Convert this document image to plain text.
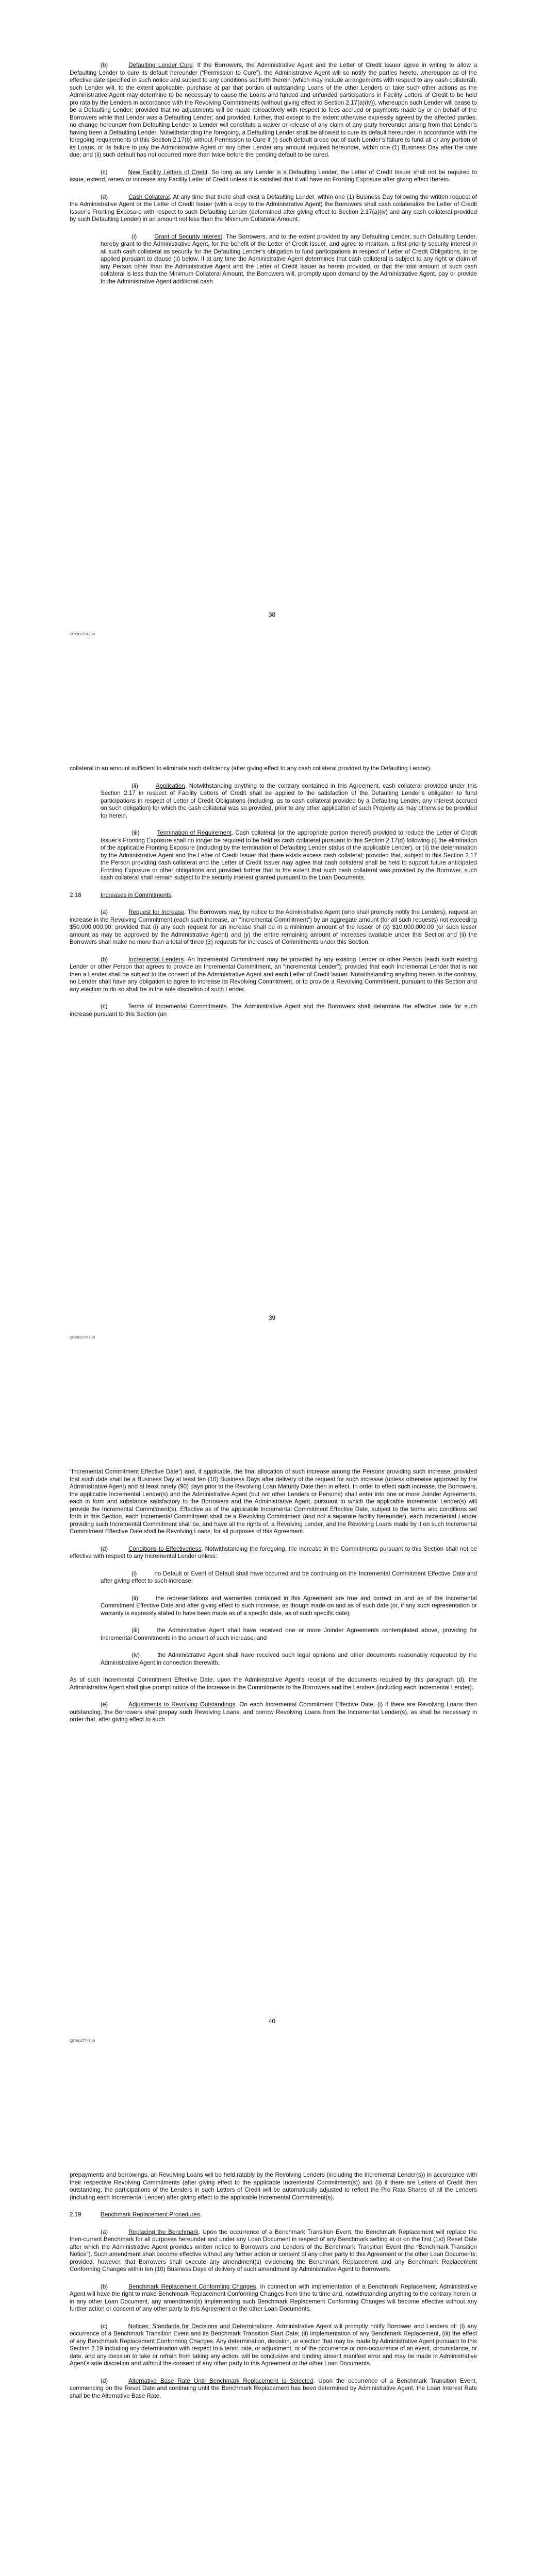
(b)	Defaulting Lender Cure. If the Borrowers, the Administrative Agent and the Letter of Credit Issuer agree in writing to allow a Defaulting Lender to cure its default hereunder (“Permission to Cure”), the Administrative Agent will so notify the parties hereto, whereupon as of the effective date specified in such notice and subject to any conditions set forth therein (which may include arrangements with respect to any cash collateral), such Lender will, to the extent applicable, purchase at par that portion of outstanding Loans of the other Lenders or take such other actions as the Administrative Agent may determine to be necessary to cause the Loans and funded and unfunded participations in Facility Letters of Credit to be held pro rata by the Lenders in accordance with the Revolving Commitments (without giving effect to Section 2.17(a)(iv)), whereupon such Lender will cease to be a Defaulting Lender; provided that no adjustments will be made retroactively with respect to fees accrued or payments made by or on behalf of the Borrowers while that Lender was a Defaulting Lender; and provided, further, that except to the extent otherwise expressly agreed by the affected parties, no change hereunder from Defaulting Lender to Lender will constitute a waiver or release of any claim of any party hereunder arising from that Lender’s having been a Defaulting Lender. Notwithstanding the foregoing, a Defaulting Lender shall be allowed to cure its default hereunder in accordance with the foregoing requirements of this Section 2.17(b) without Permission to Cure if (i) such default arose out of such Lender’s failure to fund all or any portion of its Loans, or its failure to pay the Administrative Agent or any other Lender any amount required hereunder, within one (1) Business Day after the date due; and (ii) such default has not occurred more than twice before the pending default to be cured.

(c)	New Facility Letters of Credit. So long as any Lender is a Defaulting Lender, the Letter of Credit Issuer shall not be required to issue, extend, renew or increase any Facility Letter of Credit unless it is satisfied that it will have no Fronting Exposure after giving effect thereto.

(d)	Cash Collateral. At any time that there shall exist a Defaulting Lender, within one (1) Business Day following the written request of the Administrative Agent or the Letter of Credit Issuer (with a copy to the Administrative Agent) the Borrowers shall cash collateralize the Letter of Credit Issuer’s Fronting Exposure with respect to such Defaulting Lender (determined after giving effect to Section 2.17(a)(iv) and any cash collateral provided by such Defaulting Lender) in an amount not less than the Minimum Collateral Amount.

(i)	Grant of Security Interest. The Borrowers, and to the extent provided by any Defaulting Lender, such Defaulting Lender, hereby grant to the Administrative Agent, for the benefit of the Letter of Credit Issuer, and agree to maintain, a first priority security interest in all such cash collateral as security for the Defaulting Lender’s obligation to fund participations in respect of Letter of Credit Obligations, to be applied pursuant to clause (ii) below. If at any time the Administrative Agent determines that cash collateral is subject to any right or claim of any Person other than the Administrative Agent and the Letter of Credit Issuer as herein provided, or that the total amount of such cash collateral is less than the Minimum Collateral Amount, the Borrowers will, promptly upon demand by the Administrative Agent, pay or provide to the Administrative Agent additional cash

38
QB\89127747.10

collateral in an amount sufficient to eliminate such deficiency (after giving effect to any cash collateral provided by the Defaulting Lender).

(ii)	Application. Notwithstanding anything to the contrary contained in this Agreement, cash collateral provided under this Section 2.17 in respect of Facility Letters of Credit shall be applied to the satisfaction of the Defaulting Lender’s obligation to fund participations in respect of Letter of Credit Obligations (including, as to cash collateral provided by a Defaulting Lender, any interest accrued on such obligation) for which the cash collateral was so provided, prior to any other application of such Property as may otherwise be provided for herein.

(iii)	Termination of Requirement. Cash collateral (or the appropriate portion thereof) provided to reduce the Letter of Credit Issuer’s Fronting Exposure shall no longer be required to be held as cash collateral pursuant to this Section 2.17(d) following (i) the elimination of the applicable Fronting Exposure (including by the termination of Defaulting Lender status of the applicable Lender), or (ii) the determination by the Administrative Agent and the Letter of Credit Issuer that there exists excess cash collateral; provided that, subject to this Section 2.17 the Person providing cash collateral and the Letter of Credit Issuer may agree that cash collateral shall be held to support future anticipated Fronting Exposure or other obligations and provided further that to the extent that such cash collateral was provided by the Borrower, such cash collateral shall remain subject to the security interest granted pursuant to the Loan Documents.

2.18	Increases in Commitments.

(a)	Request for Increase. The Borrowers may, by notice to the Administrative Agent (who shall promptly notify the Lenders), request an increase in the Revolving Commitment (each such increase, an “Incremental Commitment”) by an aggregate amount (for all such requests) not exceeding $50,000,000.00; provided that (i) any such request for an increase shall be in a minimum amount of the lesser of (x) $10,000,000.00 (or such lesser amount as may be approved by the Administrative Agent) and (y) the entire remaining amount of increases available under this Section and (ii) the Borrowers shall make no more than a total of three (3) requests for increases of Commitments under this Section.

(b)	Incremental Lenders. An Incremental Commitment may be provided by any existing Lender or other Person (each such existing Lender or other Person that agrees to provide an Incremental Commitment, an “Incremental Lender”); provided that each Incremental Lender that is not then a Lender shall be subject to the consent of the Administrative Agent and each Letter of Credit Issuer. Notwithstanding anything herein to the contrary, no Lender shall have any obligation to agree to increase its Revolving Commitment, or to provide a Revolving Commitment, pursuant to this Section and any election to do so shall be in the sole discretion of such Lender.

(c)	Terms of Incremental Commitments. The Administrative Agent and the Borrowers shall determine the effective date for such increase pursuant to this Section (an

39
QB\89127747.10

“Incremental Commitment Effective Date”) and, if applicable, the final allocation of such increase among the Persons providing such increase; provided that such date shall be a Business Day at least ten (10) Business Days after delivery of the request for such increase (unless otherwise approved by the Administrative Agent) and at least ninety (90) days prior to the Revolving Loan Maturity Date then in effect. In order to effect such increase, the Borrowers, the applicable Incremental Lender(s) and the Administrative Agent (but not other Lenders or Persons) shall enter into one or more Joinder Agreements, each in form and substance satisfactory to the Borrowers and the Administrative Agent, pursuant to which the applicable Incremental Lender(s) will provide the Incremental Commitment(s). Effective as of the applicable Incremental Commitment Effective Date, subject to the terms and conditions set forth in this Section, each Incremental Commitment shall be a Revolving Commitment (and not a separate facility hereunder), each Incremental Lender providing such Incremental Commitment shall be, and have all the rights of, a Revolving Lender, and the Revolving Loans made by it on such Incremental Commitment Effective Date shall be Revolving Loans, for all purposes of this Agreement.

(d)	Conditions to Effectiveness. Notwithstanding the foregoing, the increase in the Commitments pursuant to this Section shall not be effective with respect to any Incremental Lender unless:

(i)	no Default or Event of Default shall have occurred and be continuing on the Incremental Commitment Effective Date and after giving effect to such increase;

(ii)	the representations and warranties contained in this Agreement are true and correct on and as of the Incremental Commitment Effective Date and after giving effect to such increase, as though made on and as of such date (or, if any such representation or warranty is expressly stated to have been made as of a specific date, as of such specific date);

(iii)	the Administrative Agent shall have received one or more Joinder Agreements contemplated above, providing for Incremental Commitments in the amount of such increase; and

(iv)	the Administrative Agent shall have received such legal opinions and other documents reasonably requested by the Administrative Agent in connection therewith.

As of such Incremental Commitment Effective Date, upon the Administrative Agent’s receipt of the documents required by this paragraph (d), the Administrative Agent shall give prompt notice of the increase in the Commitments to the Borrowers and the Lenders (including each Incremental Lender).

(e)	Adjustments to Revolving Outstandings. On each Incremental Commitment Effective Date, (i) if there are Revolving Loans then outstanding, the Borrowers shall prepay such Revolving Loans, and borrow Revolving Loans from the Incremental Lender(s), as shall be necessary in order that, after giving effect to such

40
QB\89127747.10

prepayments and borrowings, all Revolving Loans will be held ratably by the Revolving Lenders (including the Incremental Lender(s)) in accordance with their respective Revolving Commitments (after giving effect to the applicable Incremental Commitment(s)) and (ii) if there are Letters of Credit then outstanding, the participations of the Lenders in such Letters of Credit will be automatically adjusted to reflect the Pro Rata Shares of all the Lenders (including each Incremental Lender) after giving effect to the applicable Incremental Commitment(s).

2.19	Benchmark Replacement Procedures.

(a)	Replacing the Benchmark. Upon the occurrence of a Benchmark Transition Event, the Benchmark Replacement will replace the then-current Benchmark for all purposes hereunder and under any Loan Document in respect of any Benchmark setting at or on the first (1st) Reset Date after which the Administrative Agent provides written notice to Borrowers and Lenders of the Benchmark Transition Event (the “Benchmark Transition Notice”). Such amendment shall become effective without any further action or consent of any other party to this Agreement or the other Loan Documents; provided, however, that Borrowers shall execute any amendment(s) evidencing the Benchmark Replacement and any Benchmark Replacement Conforming Changes within ten (10) Business Days of delivery of such amendment by Administrative Agent to Borrowers.

(b)	Benchmark Replacement Conforming Changes. In connection with implementation of a Benchmark Replacement, Administrative Agent will have the right to make Benchmark Replacement Conforming Changes from time to time and, notwithstanding anything to the contrary herein or in any other Loan Document, any amendment(s) implementing such Benchmark Replacement Conforming Changes will become effective without any further action or consent of any other party to this Agreement or the other Loan Documents.

(c)	Notices; Standards for Decisions and Determinations. Administrative Agent will promptly notify Borrower and Lenders of: (i) any occurrence of a Benchmark Transition Event and its Benchmark Transition Start Date; (ii) implementation of any Benchmark Replacement, (iii) the effect of any Benchmark Replacement Conforming Changes. Any determination, decision, or election that may be made by Administrative Agent pursuant to this Section 2.19 including any determination with respect to a tenor, rate, or adjustment, or of the occurrence or non-occurrence of an event, circumstance, or date, and any decision to take or refrain from taking any action, will be conclusive and binding absent manifest error and may be made in Administrative Agent’s sole discretion and without the consent of any other party to this Agreement or the other Loan Documents.

(d)	Alternative Base Rate Until Benchmark Replacement is Selected. Upon the occurrence of a Benchmark Transition Event, commencing on the Reset Date and continuing until the Benchmark Replacement has been determined by Administrative Agent, the Loan Interest Rate shall be the Alternative Base Rate.
